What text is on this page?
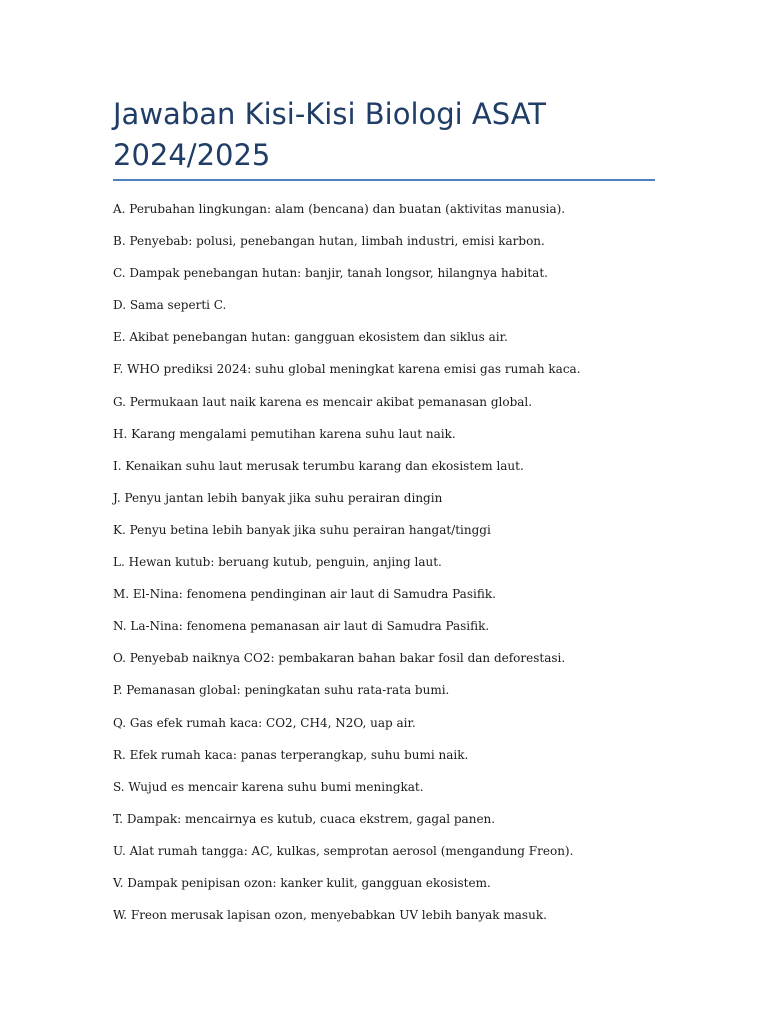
Jawaban Kisi-Kisi Biologi ASAT
2024/2025
A. Perubahan lingkungan: alam (bencana) dan buatan (aktivitas manusia).
B. Penyebab: polusi, penebangan hutan, limbah industri, emisi karbon.
C. Dampak penebangan hutan: banjir, tanah longsor, hilangnya habitat.
D. Sama seperti C.
E. Akibat penebangan hutan: gangguan ekosistem dan siklus air.
F. WHO prediksi 2024: suhu global meningkat karena emisi gas rumah kaca.
G. Permukaan laut naik karena es mencair akibat pemanasan global.
H. Karang mengalami pemutihan karena suhu laut naik.
I. Kenaikan suhu laut merusak terumbu karang dan ekosistem laut.
J. Penyu jantan lebih banyak jika suhu perairan dingin
K. Penyu betina lebih banyak jika suhu perairan hangat/tinggi
L. Hewan kutub: beruang kutub, penguin, anjing laut.
M. El-Nina: fenomena pendinginan air laut di Samudra Pasifik.
N. La-Nina: fenomena pemanasan air laut di Samudra Pasifik.
O. Penyebab naiknya CO2: pembakaran bahan bakar fosil dan deforestasi.
P. Pemanasan global: peningkatan suhu rata-rata bumi.
Q. Gas efek rumah kaca: CO2, CH4, N2O, uap air.
R. Efek rumah kaca: panas terperangkap, suhu bumi naik.
S. Wujud es mencair karena suhu bumi meningkat.
T. Dampak: mencairnya es kutub, cuaca ekstrem, gagal panen.
U. Alat rumah tangga: AC, kulkas, semprotan aerosol (mengandung Freon).
V. Dampak penipisan ozon: kanker kulit, gangguan ekosistem.
W. Freon merusak lapisan ozon, menyebabkan UV lebih banyak masuk.
